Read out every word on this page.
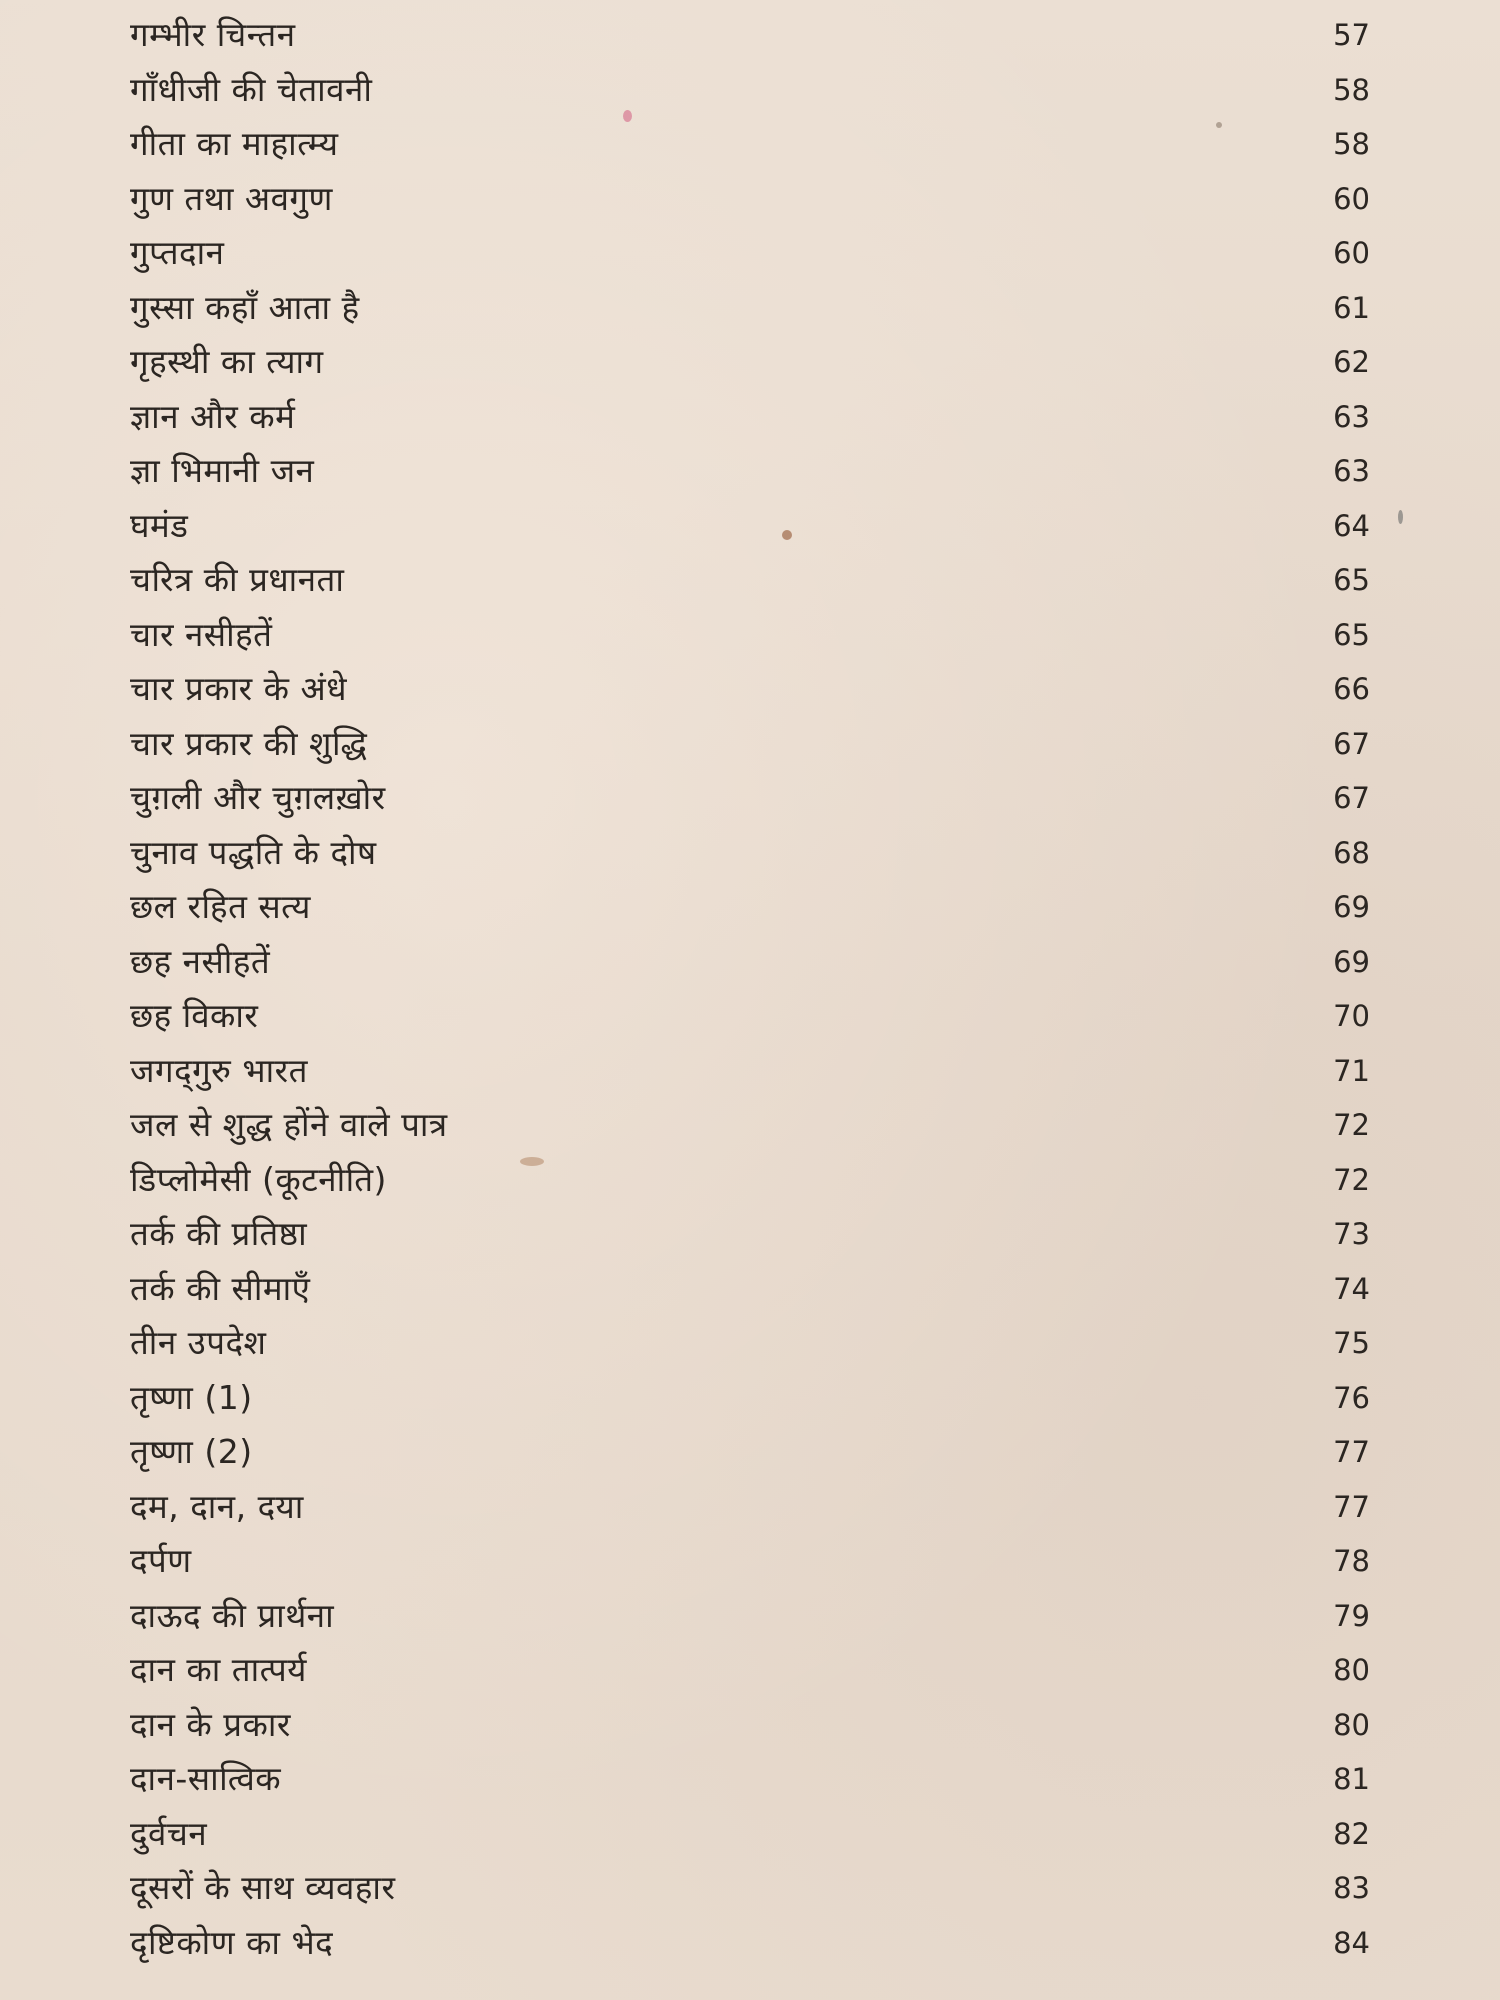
गम्भीर चिन्तन	57
गाँधीजी की चेतावनी	58
गीता का माहात्म्य	58
गुण तथा अवगुण	60
गुप्तदान	60
गुस्सा कहाँ आता है	61
गृहस्थी का त्याग	62
ज्ञान और कर्म	63
ज्ञा भिमानी जन	63
घमंड	64
चरित्र की प्रधानता	65
चार नसीहतें	65
चार प्रकार के अंधे	66
चार प्रकार की शुद्धि	67
चुग़ली और चुग़लख़ोर	67
चुनाव पद्धति के दोष	68
छल रहित सत्य	69
छह नसीहतें	69
छह विकार	70
जगद्‌गुरु भारत	71
जल से शुद्ध होंने वाले पात्र	72
डिप्लोमेसी (कूटनीति)	72
तर्क की प्रतिष्ठा	73
तर्क की सीमाएँ	74
तीन उपदेश	75
तृष्णा (1)	76
तृष्णा (2)	77
दम, दान, दया	77
दर्पण	78
दाऊद की प्रार्थना	79
दान का तात्पर्य	80
दान के प्रकार	80
दान-सात्विक	81
दुर्वचन	82
दूसरों के साथ व्यवहार	83
दृष्टिकोण का भेद	84
